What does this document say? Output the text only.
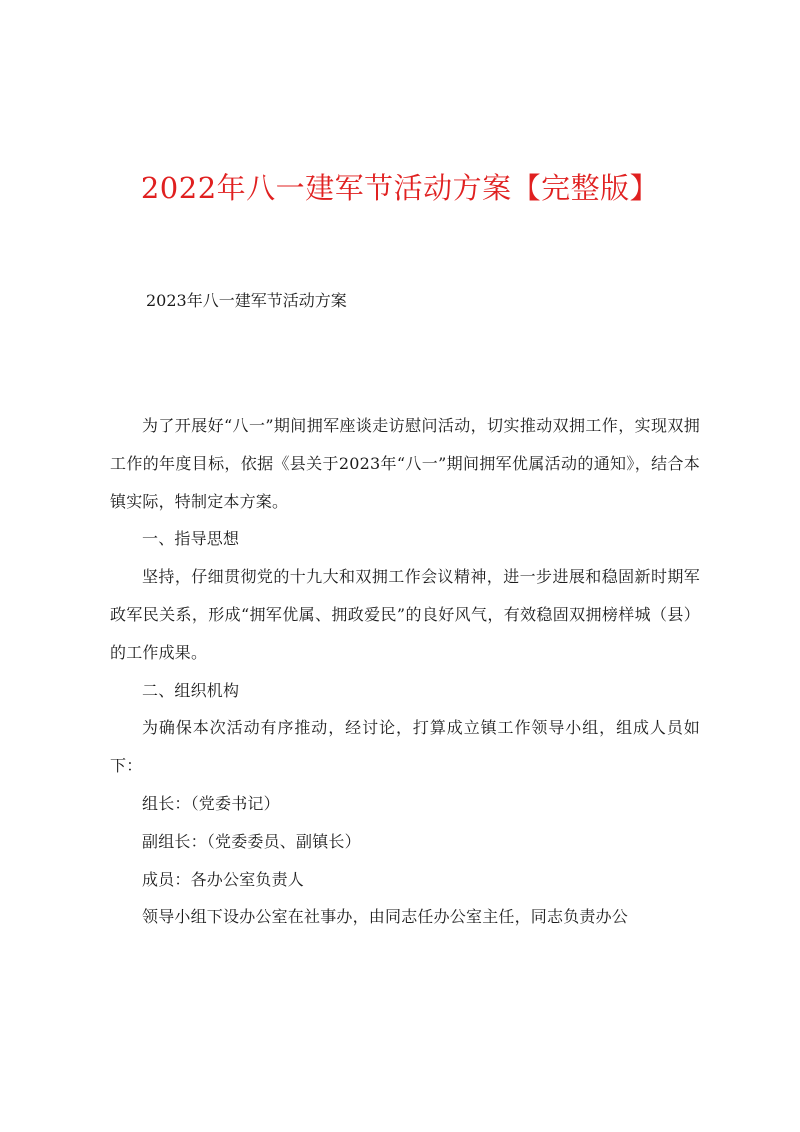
2022年八一建军节活动方案【完整版】
2023年八一建军节活动方案

为了开展好“八一”期间拥军座谈走访慰问活动，切实推动双拥工作，实现双拥工作的年度目标，依据《县关于2023年“八一”期间拥军优属活动的通知》，结合本镇实际，特制定本方案。

一、指导思想

坚持，仔细贯彻党的十九大和双拥工作会议精神，进一步进展和稳固新时期军政军民关系，形成“拥军优属、拥政爱民”的良好风气，有效稳固双拥榜样城（县）的工作成果。

二、组织机构

为确保本次活动有序推动，经讨论，打算成立镇工作领导小组，组成人员如下：

组长：（党委书记）

副组长：（党委委员、副镇长）

成员：各办公室负责人

领导小组下设办公室在社事办，由同志任办公室主任，同志负责办公
